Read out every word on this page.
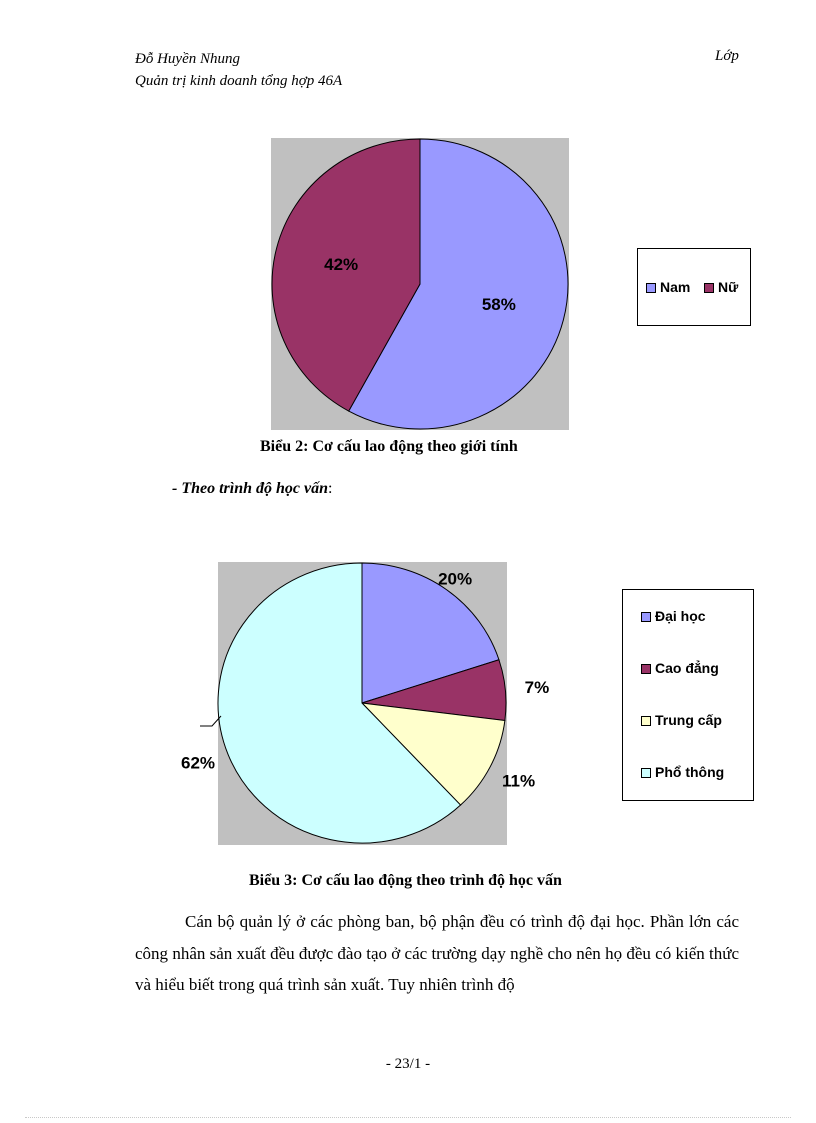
Đỗ Huyền Nhung
Quản trị kinh doanh tổng hợp 46A
Lớp
58%
42%
Nam	Nữ
Biểu 2: Cơ cấu lao động theo giới tính
- Theo trình độ học vấn:
20%
7%
11%
62%
Đại học
Cao đẳng
Trung cấp
Phổ thông
Biểu 3: Cơ cấu lao động theo trình độ học vấn
Cán bộ quản lý ở các phòng ban, bộ phận đều có trình độ đại học. Phần lớn các công nhân sản xuất đều được đào tạo ở các trường dạy nghề cho nên họ đều có kiến thức và hiểu biết trong quá trình sản xuất. Tuy nhiên trình độ
- 23/1 -
